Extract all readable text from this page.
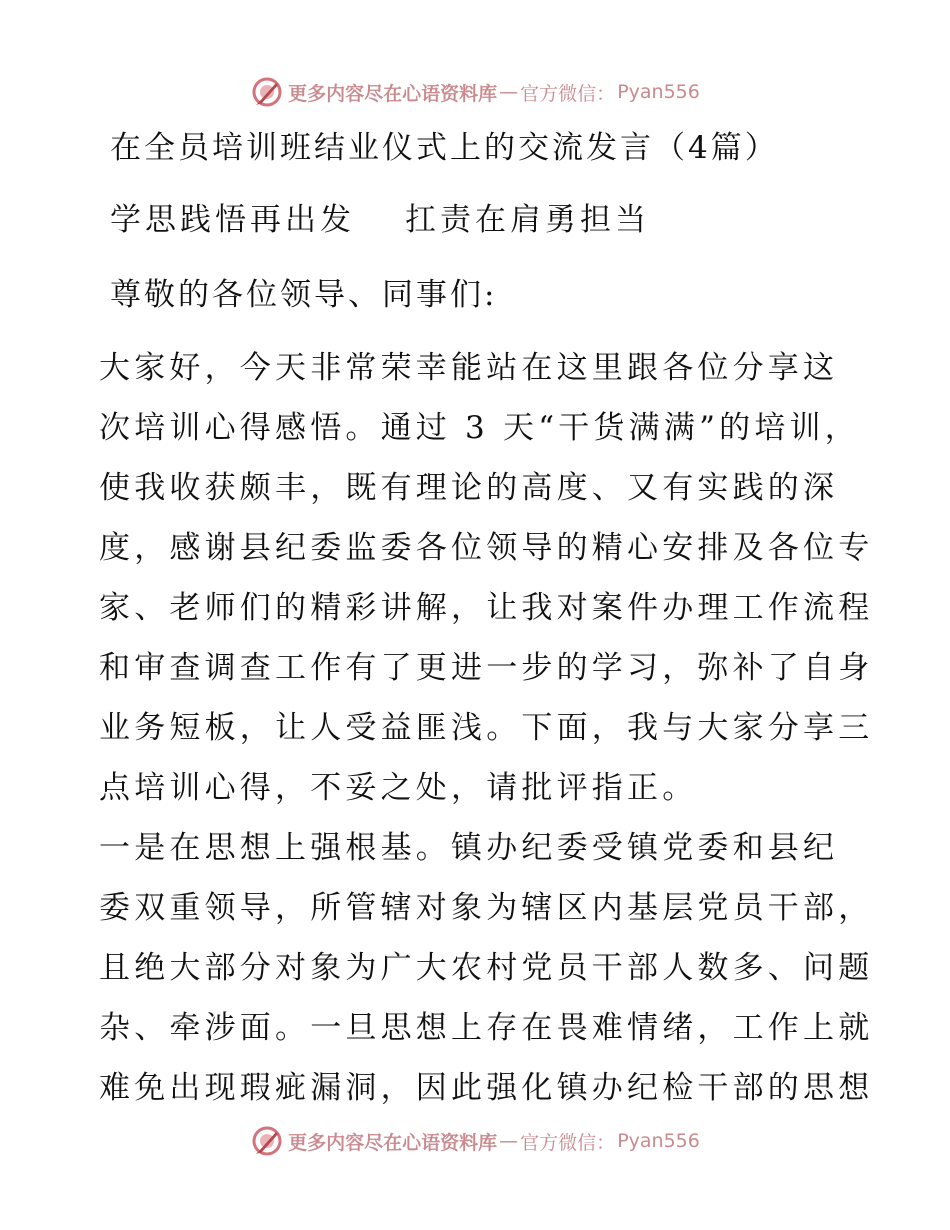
更多内容尽在心语资料库 — 官方微信： Pyan556
在全员培训班结业仪式上的交流发言（4篇）
学思践悟再出发 扛责在肩勇担当
尊敬的各位领导、同事们:
大家好，今天非常荣幸能站在这里跟各位分享这
次培训心得感悟。通过 3 天“干货满满”的培训，
使我收获颇丰，既有理论的高度、又有实践的深
度，感谢县纪委监委各位领导的精心安排及各位专
家、老师们的精彩讲解，让我对案件办理工作流程
和审查调查工作有了更进一步的学习，弥补了自身
业务短板，让人受益匪浅。下面，我与大家分享三
点培训心得，不妥之处，请批评指正。
一是在思想上强根基。镇办纪委受镇党委和县纪
委双重领导，所管辖对象为辖区内基层党员干部，
且绝大部分对象为广大农村党员干部人数多、问题
杂、牵涉面。一旦思想上存在畏难情绪，工作上就
难免出现瑕疵漏洞，因此强化镇办纪检干部的思想
更多内容尽在心语资料库 — 官方微信： Pyan556
